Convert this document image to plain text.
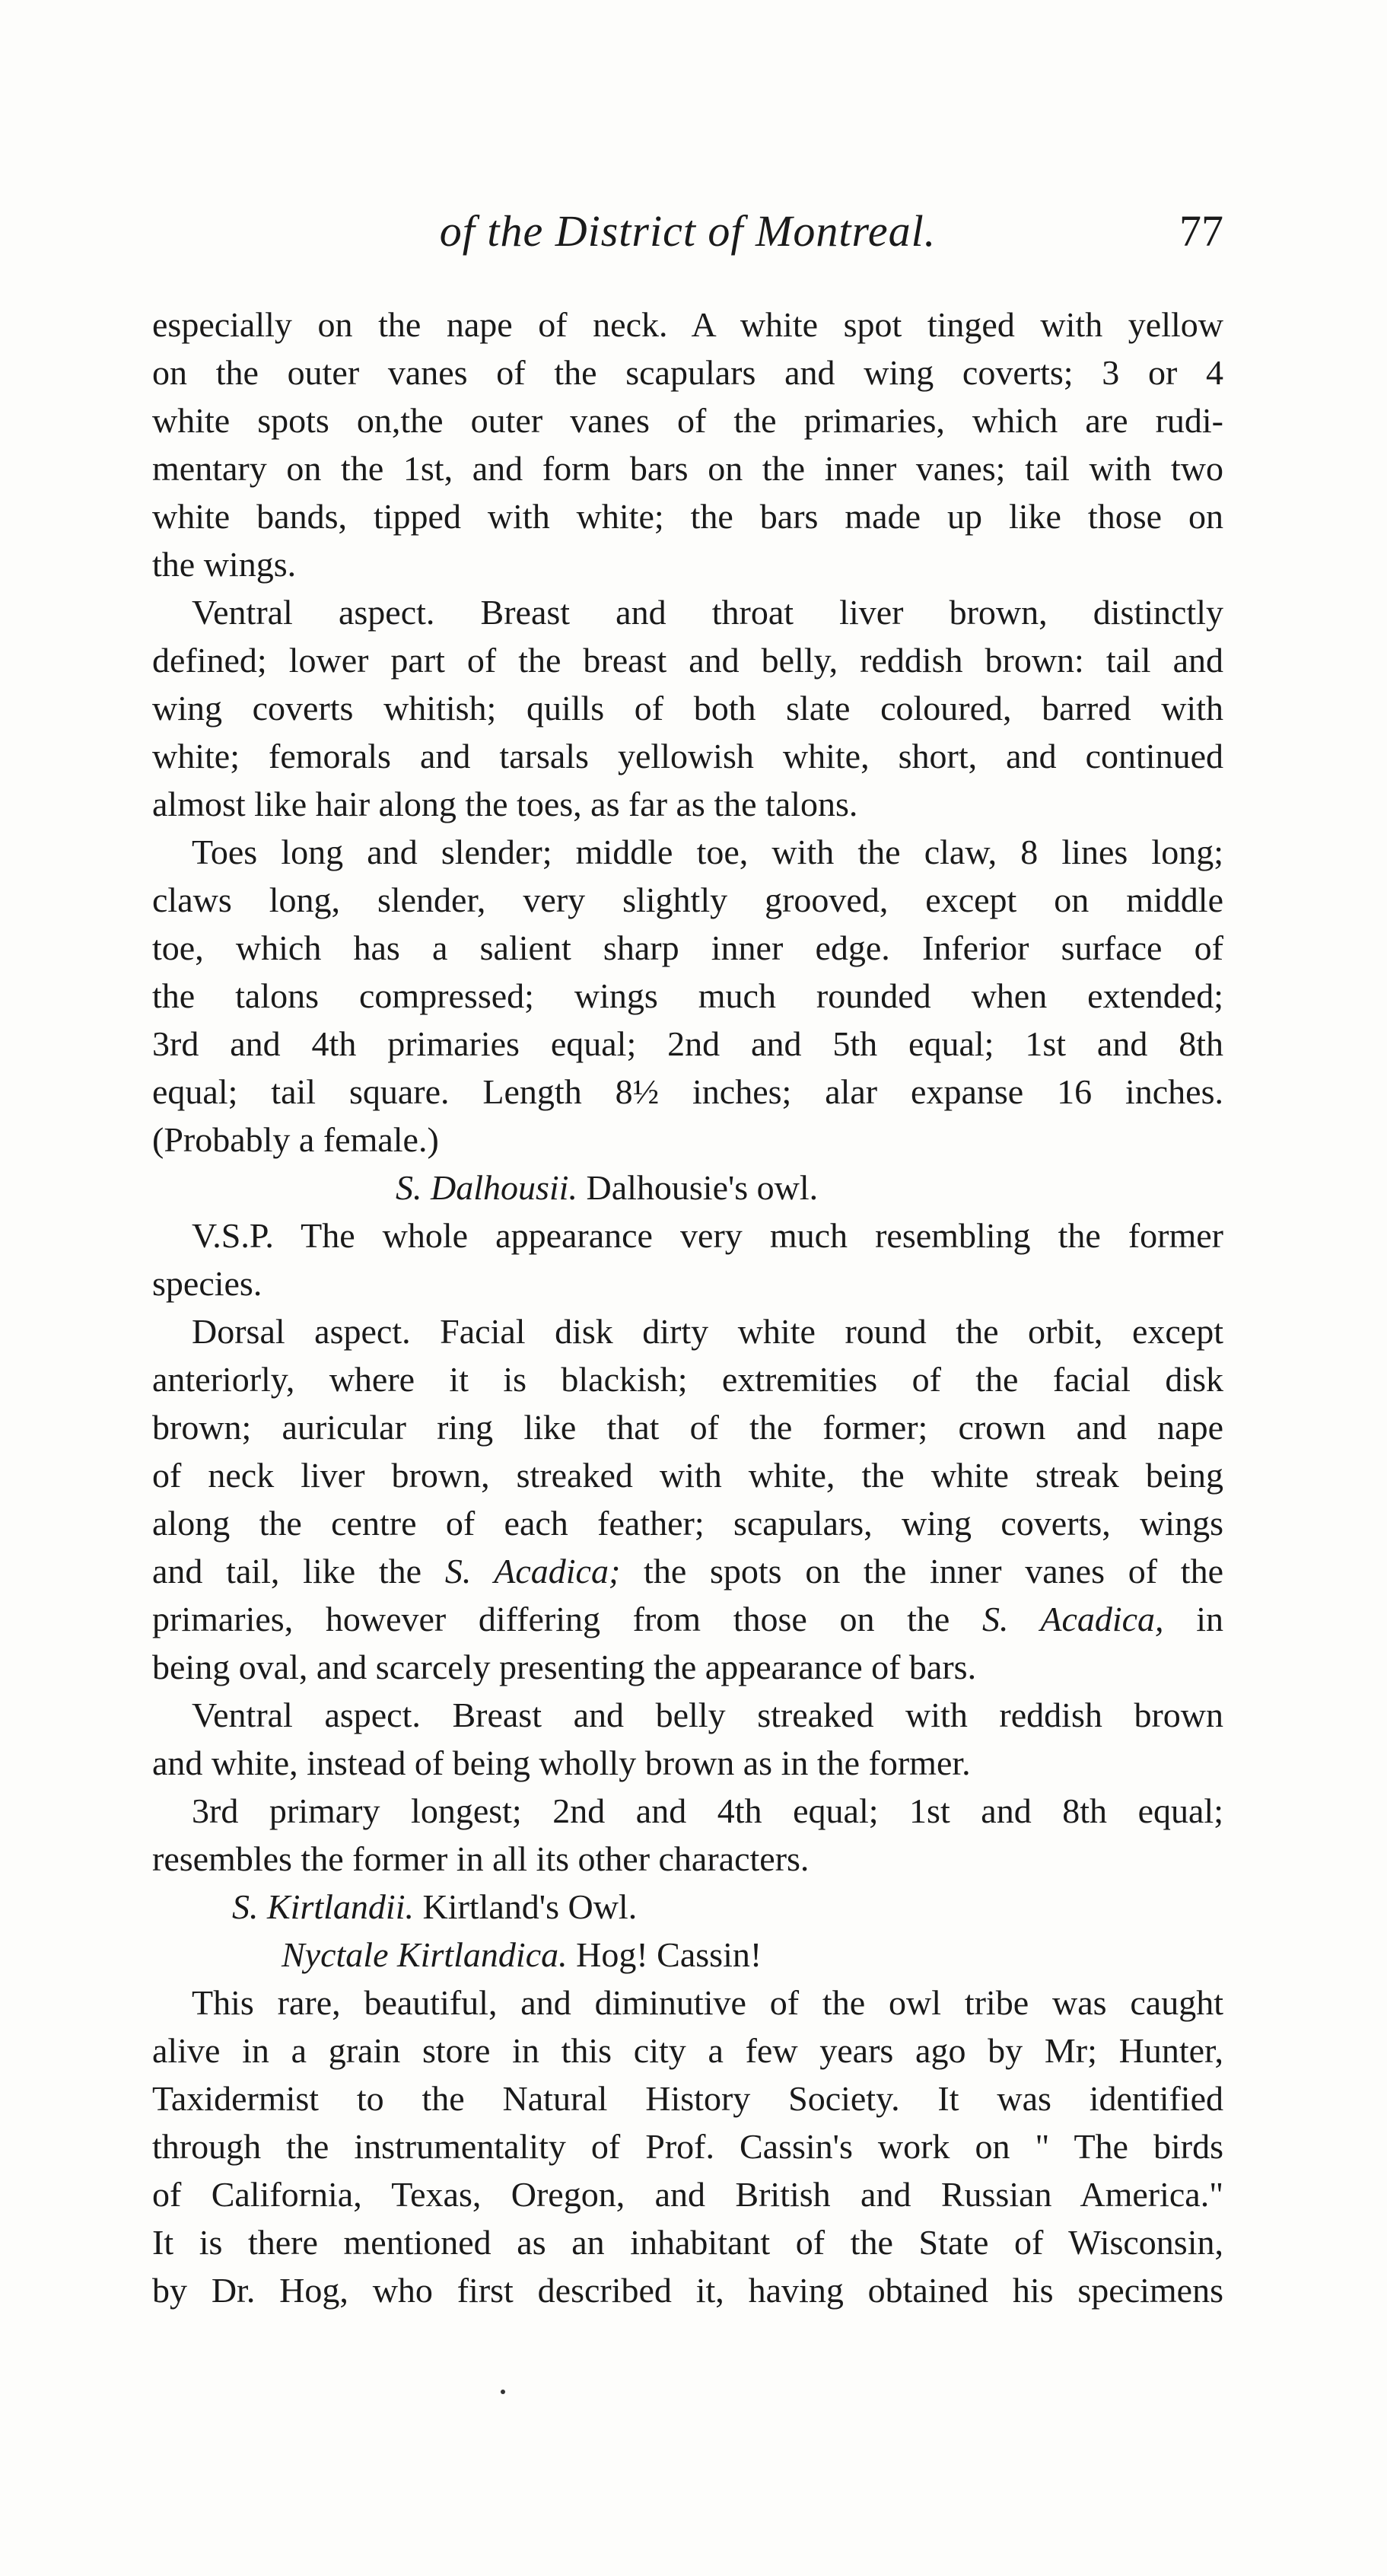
of the District of Montreal.	77
especially on the nape of neck. A white spot tinged with yellow
on the outer vanes of the scapulars and wing coverts; 3 or 4
white spots on,the outer vanes of the primaries, which are rudi-
mentary on the 1st, and form bars on the inner vanes; tail with two
white bands, tipped with white; the bars made up like those on
the wings.
Ventral aspect. Breast and throat liver brown, distinctly
defined; lower part of the breast and belly, reddish brown: tail and
wing coverts whitish; quills of both slate coloured, barred with
white; femorals and tarsals yellowish white, short, and continued
almost like hair along the toes, as far as the talons.
Toes long and slender; middle toe, with the claw, 8 lines long;
claws long, slender, very slightly grooved, except on middle
toe, which has a salient sharp inner edge. Inferior surface of
the talons compressed; wings much rounded when extended;
3rd and 4th primaries equal; 2nd and 5th equal; 1st and 8th
equal; tail square. Length 8½ inches; alar expanse 16 inches.
(Probably a female.)
S. Dalhousii. Dalhousie's owl.
V.S.P. The whole appearance very much resembling the former
species.
Dorsal aspect. Facial disk dirty white round the orbit, except
anteriorly, where it is blackish; extremities of the facial disk
brown; auricular ring like that of the former; crown and nape
of neck liver brown, streaked with white, the white streak being
along the centre of each feather; scapulars, wing coverts, wings
and tail, like the S. Acadica; the spots on the inner vanes of the
primaries, however differing from those on the S. Acadica, in
being oval, and scarcely presenting the appearance of bars.
Ventral aspect. Breast and belly streaked with reddish brown
and white, instead of being wholly brown as in the former.
3rd primary longest; 2nd and 4th equal; 1st and 8th equal;
resembles the former in all its other characters.
S. Kirtlandii. Kirtland's Owl.
Nyctale Kirtlandica. Hog! Cassin!
This rare, beautiful, and diminutive of the owl tribe was caught
alive in a grain store in this city a few years ago by Mr; Hunter,
Taxidermist to the Natural History Society. It was identified
through the instrumentality of Prof. Cassin's work on " The birds
of California, Texas, Oregon, and British and Russian America."
It is there mentioned as an inhabitant of the State of Wisconsin,
by Dr. Hog, who first described it, having obtained his specimens
